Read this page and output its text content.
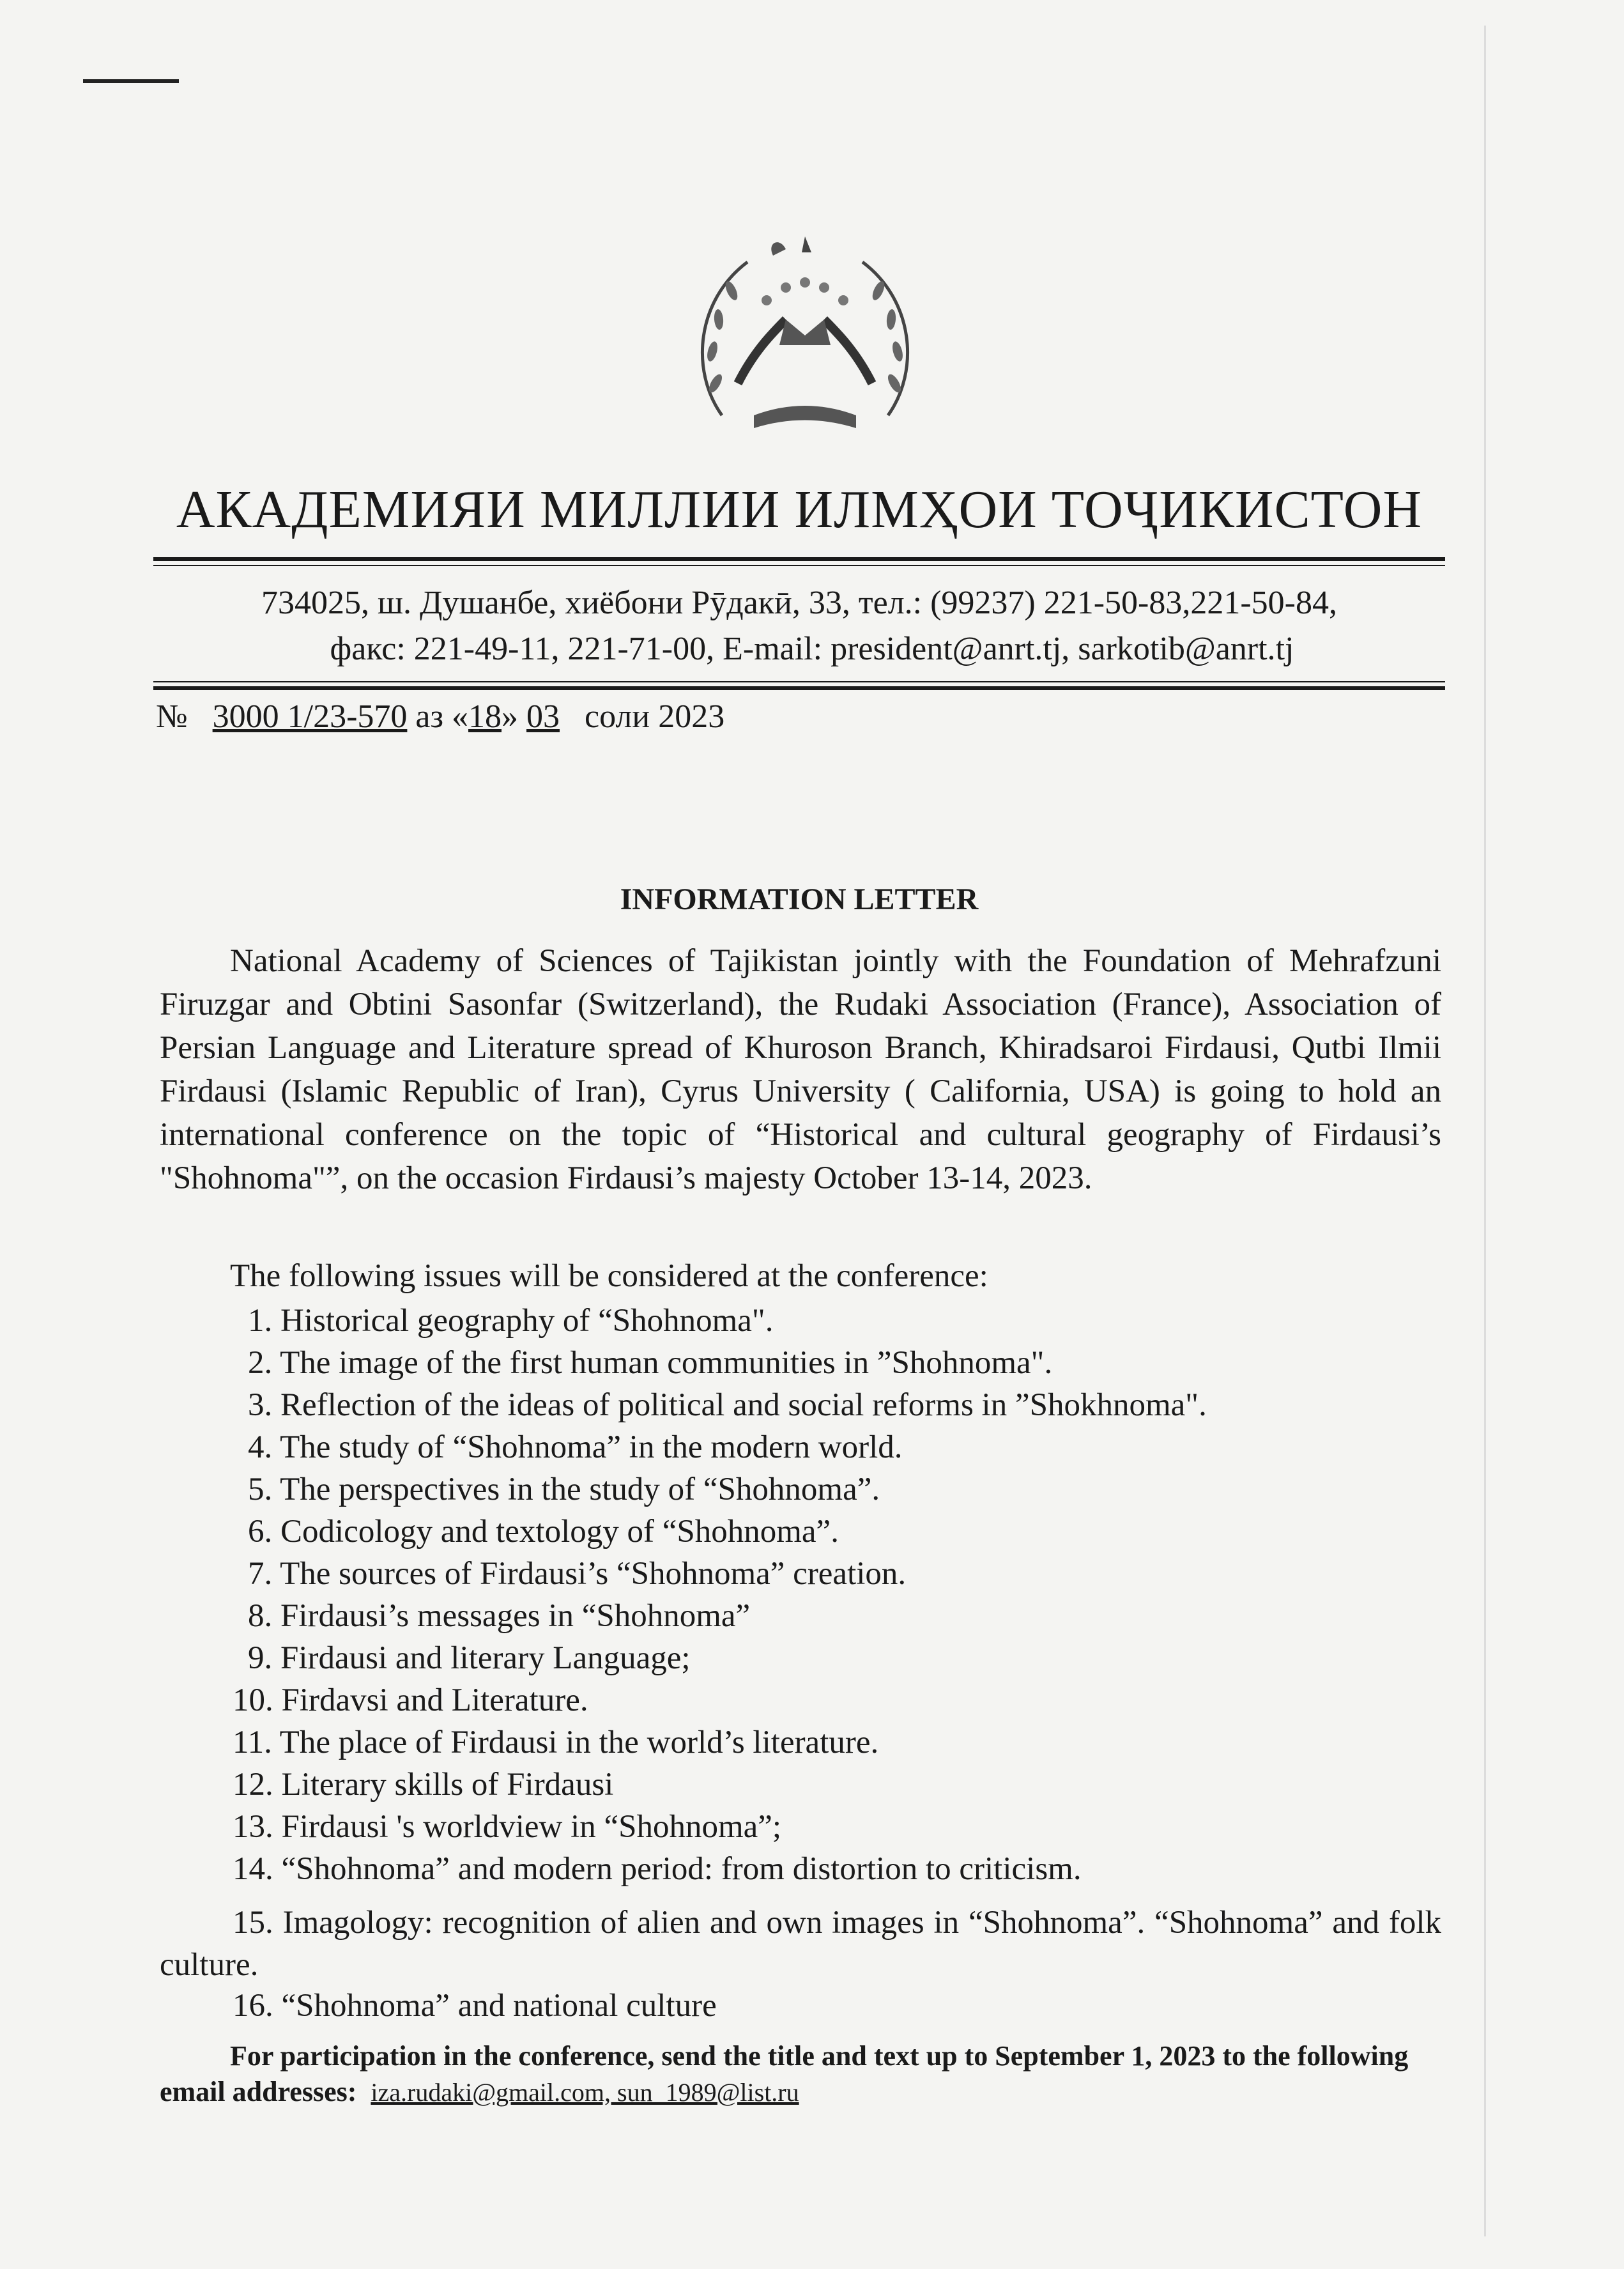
АКАДЕМИЯИ МИЛЛИИ ИЛМҲОИ ТОҶИКИСТОН
734025, ш. Душанбе, хиёбони Рӯдакӣ, 33, тел.: (99237) 221-50-83,221-50-84,
факс: 221-49-11, 221-71-00, E-mail: president@anrt.tj, sarkotib@anrt.tj
№ 3000 1/23-570 аз «18» 03 соли 2023
INFORMATION LETTER
National Academy of Sciences of Tajikistan jointly with the Foundation of Mehrafzuni Firuzgar and Obtini Sasonfar (Switzerland), the Rudaki Association (France), Association of Persian Language and Literature spread of Khuroson Branch, Khiradsaroi Firdausi, Qutbi Ilmii Firdausi (Islamic Republic of Iran), Cyrus University ( California, USA) is going to hold an international conference on the topic of “Historical and cultural geography of Firdausi’s "Shohnoma"”, on the occasion Firdausi’s majesty October 13-14, 2023.
The following issues will be considered at the conference:
1. Historical geography of “Shohnoma".
2. The image of the first human communities in ”Shohnoma".
3. Reflection of the ideas of political and social reforms in ”Shokhnoma".
4. The study of “Shohnoma” in the modern world.
5. The perspectives in the study of “Shohnoma”.
6. Codicology and textology of “Shohnoma”.
7. The sources of Firdausi’s “Shohnoma” creation.
8. Firdausi’s messages in “Shohnoma”
9. Firdausi and literary Language;
10. Firdavsi and Literature.
11. The place of Firdausi in the world’s literature.
12. Literary skills of Firdausi
13. Firdausi 's worldview in “Shohnoma”;
14. “Shohnoma” and modern period: from distortion to criticism.
15. Imagology: recognition of alien and own images in “Shohnoma”. “Shohnoma” and folk culture.
16. “Shohnoma” and national culture
For participation in the conference, send the title and text up to September 1, 2023 to the following email addresses: iza.rudaki@gmail.com, sun_1989@list.ru
